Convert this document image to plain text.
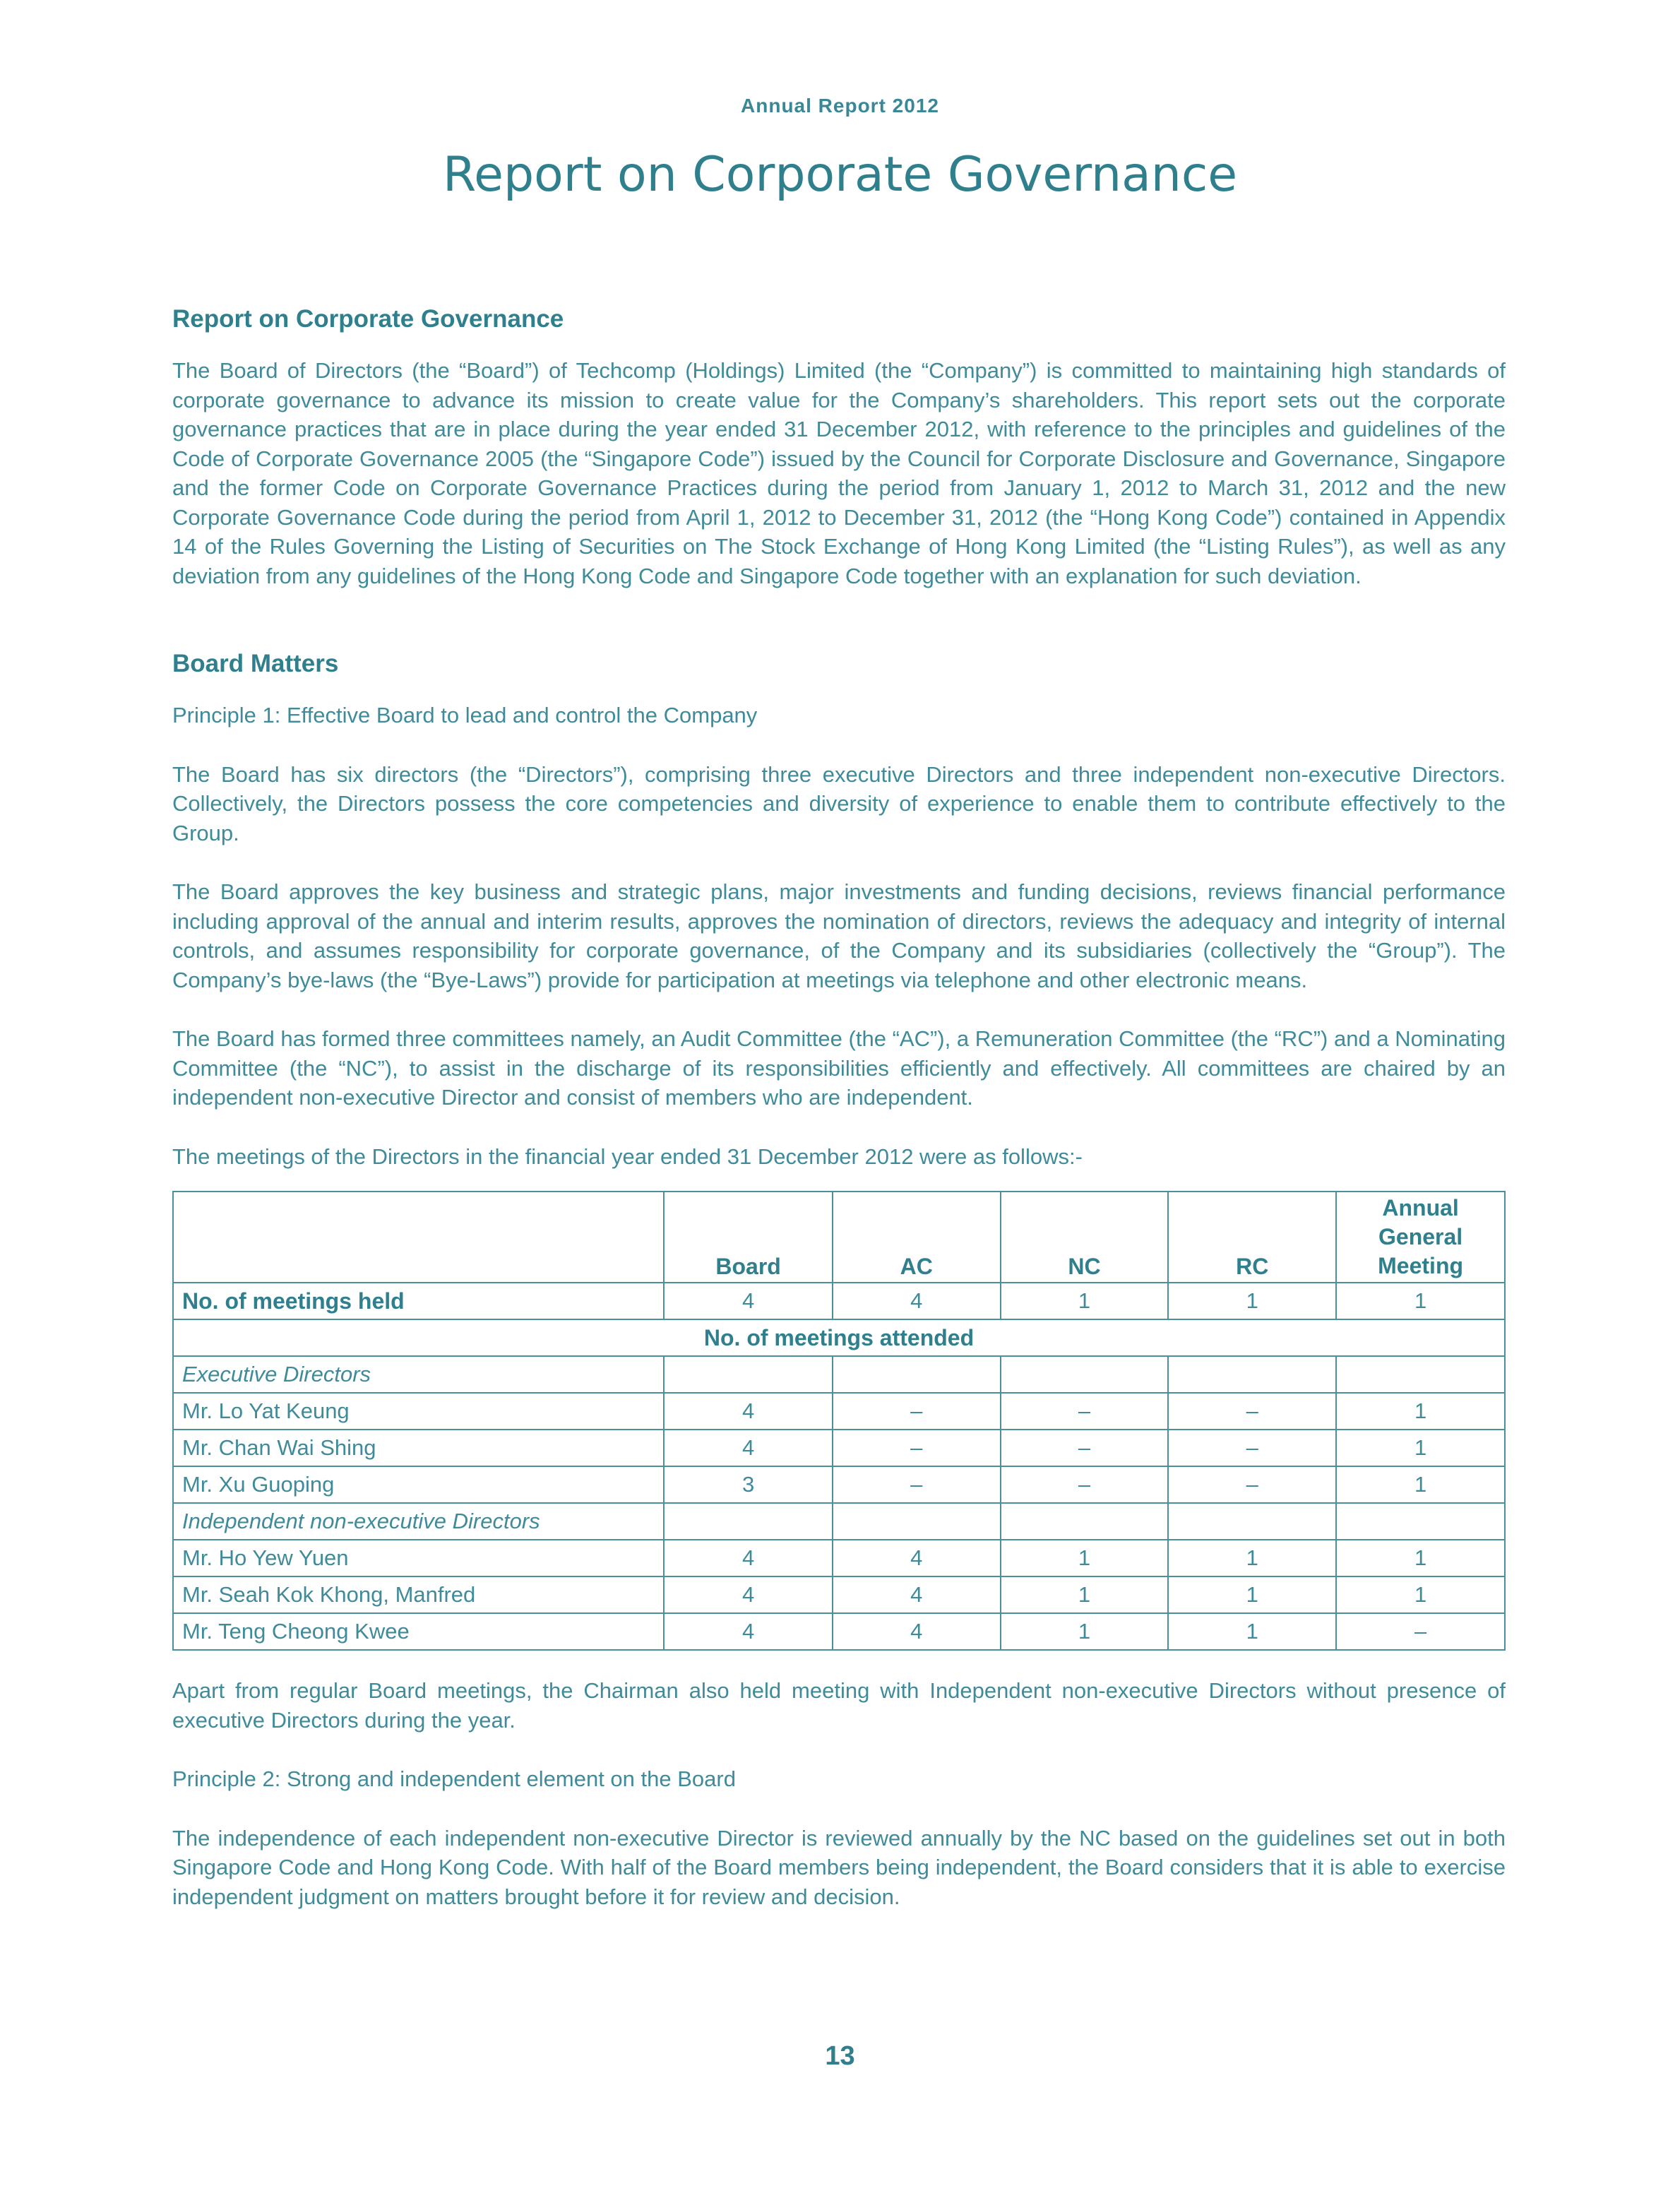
Annual Report 2012
Report on Corporate Governance
Report on Corporate Governance

The Board of Directors (the “Board”) of Techcomp (Holdings) Limited (the “Company”) is committed to maintaining high standards of corporate governance to advance its mission to create value for the Company’s shareholders. This report sets out the corporate governance practices that are in place during the year ended 31 December 2012, with reference to the principles and guidelines of the Code of Corporate Governance 2005 (the “Singapore Code”) issued by the Council for Corporate Disclosure and Governance, Singapore and the former Code on Corporate Governance Practices during the period from January 1, 2012 to March 31, 2012 and the new Corporate Governance Code during the period from April 1, 2012 to December 31, 2012 (the “Hong Kong Code”) contained in Appendix 14 of the Rules Governing the Listing of Securities on The Stock Exchange of Hong Kong Limited (the “Listing Rules”), as well as any deviation from any guidelines of the Hong Kong Code and Singapore Code together with an explanation for such deviation.

Board Matters

Principle 1: Effective Board to lead and control the Company

The Board has six directors (the “Directors”), comprising three executive Directors and three independent non-executive Directors. Collectively, the Directors possess the core competencies and diversity of experience to enable them to contribute effectively to the Group.

The Board approves the key business and strategic plans, major investments and funding decisions, reviews financial performance including approval of the annual and interim results, approves the nomination of directors, reviews the adequacy and integrity of internal controls, and assumes responsibility for corporate governance, of the Company and its subsidiaries (collectively the “Group”). The Company’s bye-laws (the “Bye-Laws”) provide for participation at meetings via telephone and other electronic means.

The Board has formed three committees namely, an Audit Committee (the “AC”), a Remuneration Committee (the “RC”) and a Nominating Committee (the “NC”), to assist in the discharge of its responsibilities efficiently and effectively. All committees are chaired by an independent non-executive Director and consist of members who are independent.

The meetings of the Directors in the financial year ended 31 December 2012 were as follows:-

	Board	AC	NC	RC	Annual
General
Meeting

No. of meetings held	4	4	1	1	1
No. of meetings attended					
Executive Directors					
Mr. Lo Yat Keung	4	–	–	–	1
Mr. Chan Wai Shing	4	–	–	–	1
Mr. Xu Guoping	3	–	–	–	1
Independent non-executive Directors					
Mr. Ho Yew Yuen	4	4	1	1	1
Mr. Seah Kok Khong, Manfred	4	4	1	1	1
Mr. Teng Cheong Kwee	4	4	1	1	–

Apart from regular Board meetings, the Chairman also held meeting with Independent non-executive Directors without presence of executive Directors during the year.

Principle 2: Strong and independent element on the Board

The independence of each independent non-executive Director is reviewed annually by the NC based on the guidelines set out in both Singapore Code and Hong Kong Code. With half of the Board members being independent, the Board considers that it is able to exercise independent judgment on matters brought before it for review and decision.

13
